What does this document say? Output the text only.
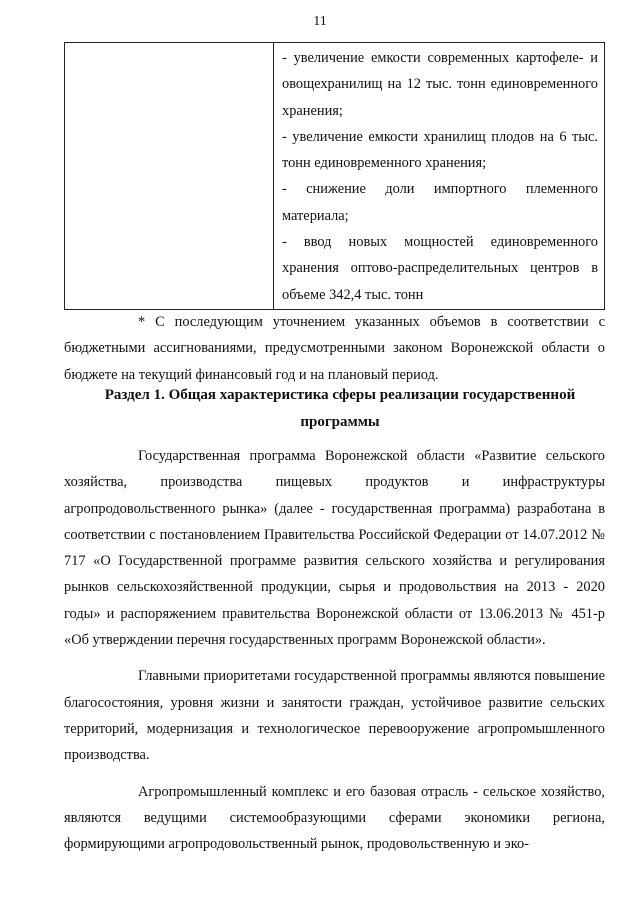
11

- увеличение емкости современных картофеле- и овощехранилищ на 12 тыс. тонн единовременного хранения;

- увеличение емкости хранилищ плодов на 6 тыс. тонн единовременного хранения;

- снижение доли импортного племенного материала;

- ввод новых мощностей единовременного хранения оптово-распределительных центров в объеме 342,4 тыс. тонн

* С последующим уточнением указанных объемов в соответствии с бюджетными ассигнованиями, предусмотренными законом Воронежской области о бюджете на текущий финансовый год и на плановый период.

Раздел 1. Общая характеристика сферы реализации государственной программы

Государственная программа Воронежской области «Развитие сельского хозяйства, производства пищевых продуктов и инфраструктуры агропродовольственного рынка» (далее - государственная программа) разработана в соответствии с постановлением Правительства Российской Федерации от 14.07.2012 № 717 «О Государственной программе развития сельского хозяйства и регулирования рынков сельскохозяйственной продукции, сырья и продовольствия на 2013 - 2020 годы» и распоряжением правительства Воронежской области от 13.06.2013 № 451-р «Об утверждении перечня государственных программ Воронежской области».

Главными приоритетами государственной программы являются повышение благосостояния, уровня жизни и занятости граждан, устойчивое развитие сельских территорий, модернизация и технологическое перевооружение агропромышленного производства.

Агропромышленный комплекс и его базовая отрасль - сельское хозяйство, являются ведущими системообразующими сферами экономики региона, формирующими агропродовольственный рынок, продовольственную и эко-
